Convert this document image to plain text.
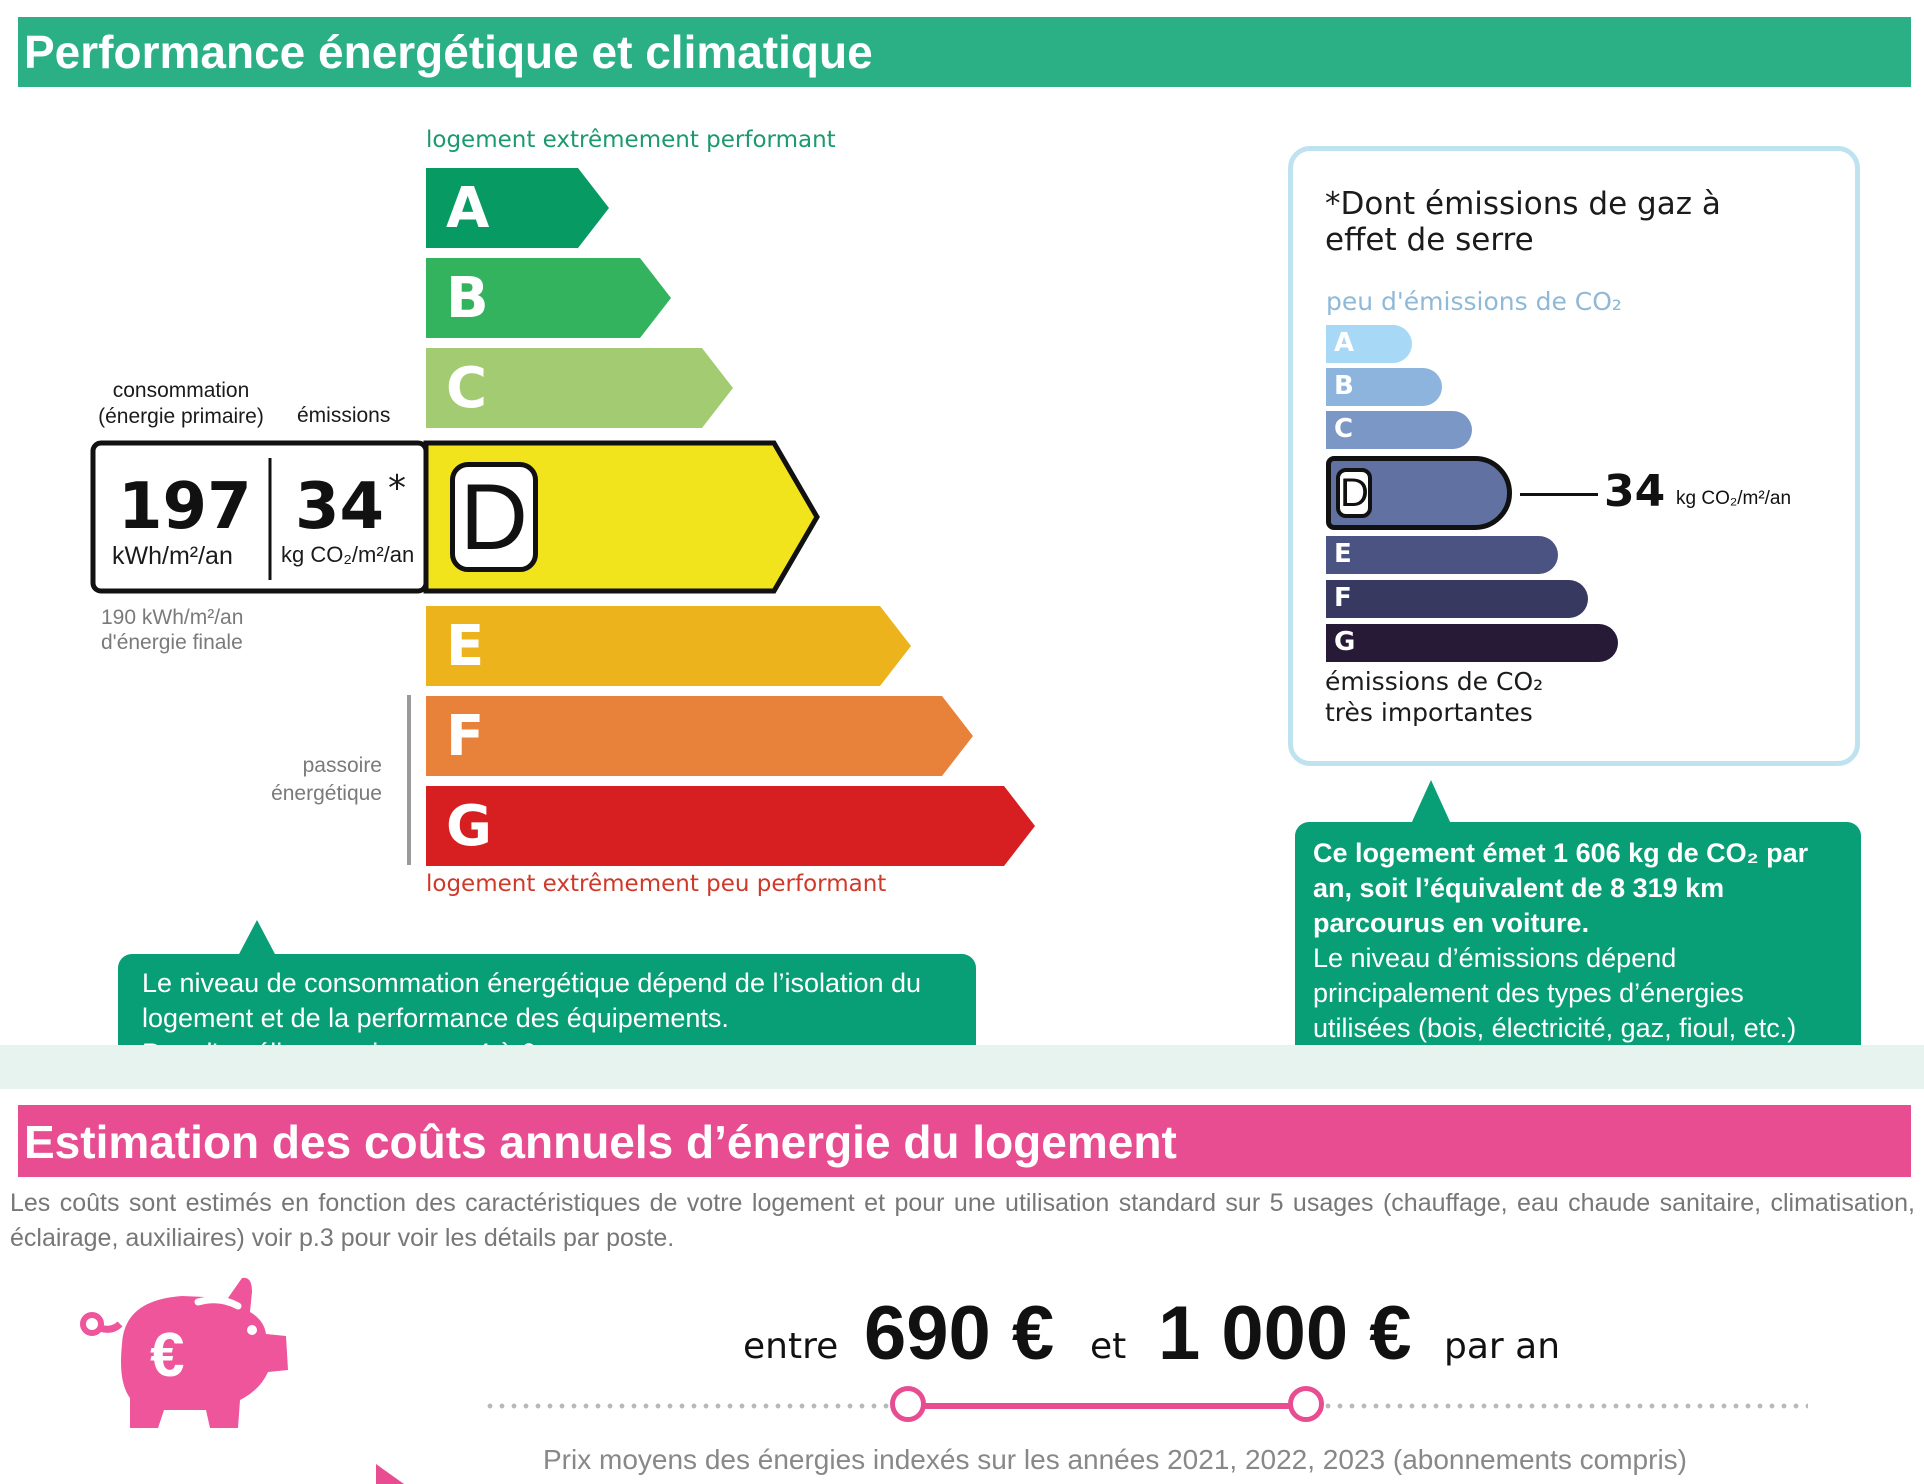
Performance énergétique et climatique
logement extrêmement performant
logement extrêmement peu performant
A
B
C
D
197
kWh/m²/an
34 *
kg CO₂/m²/an
consommation (énergie primaire) émissions
190 kWh/m²/an
d'énergie finale	E
F
G
passoire énergétique
Le niveau de consommation énergétique dépend de l’isolation du logement et de la performance des équipements.

*Dont émissions de gaz à effet de serre
peu d'émissions de CO₂
A
B
C
D	34 kg CO₂/m²/an
E
F
G
émissions de CO₂ très importantes
Ce logement émet 1 606 kg de CO₂ par an, soit l’équivalent de 8 319 km parcourus en voiture.
Le niveau d’émissions dépend principalement des types d’énergies utilisées (bois, électricité, gaz, fioul, etc.)
Estimation des coûts annuels d’énergie du logement
Les coûts sont estimés en fonction des caractéristiques de votre logement et pour une utilisation standard sur 5 usages (chauffage, eau chaude sanitaire, climatisation, éclairage, auxiliaires) voir p.3 pour voir les détails par poste.
€	entre 690 € et 1 000 € par an
Prix moyens des énergies indexés sur les années 2021, 2022, 2023 (abonnements compris)
